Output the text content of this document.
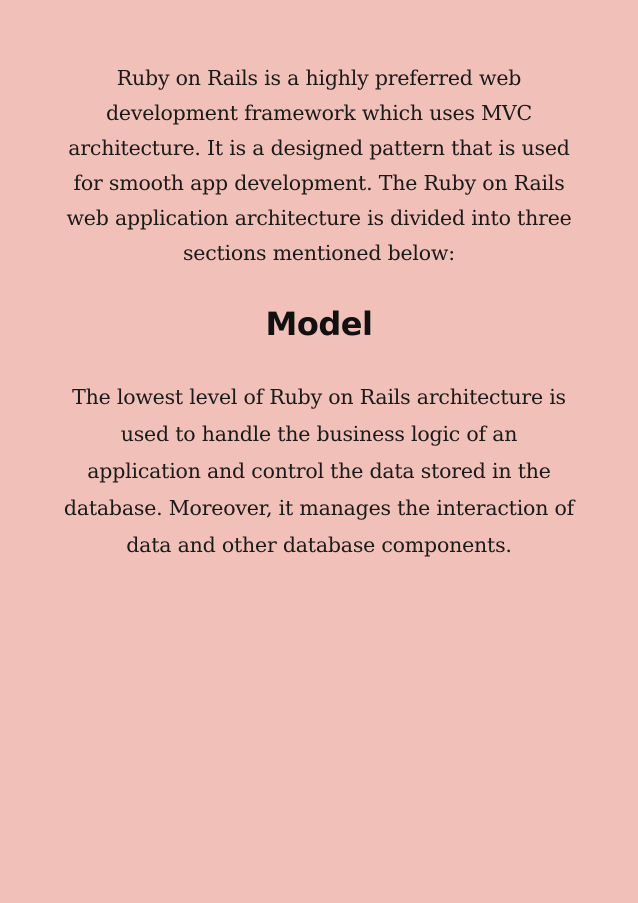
Ruby on Rails is a highly preferred web development framework which uses MVC architecture. It is a designed pattern that is used for smooth app development. The Ruby on Rails web application architecture is divided into three sections mentioned below:

Model

The lowest level of Ruby on Rails architecture is used to handle the business logic of an application and control the data stored in the database. Moreover, it manages the interaction of data and other database components.
